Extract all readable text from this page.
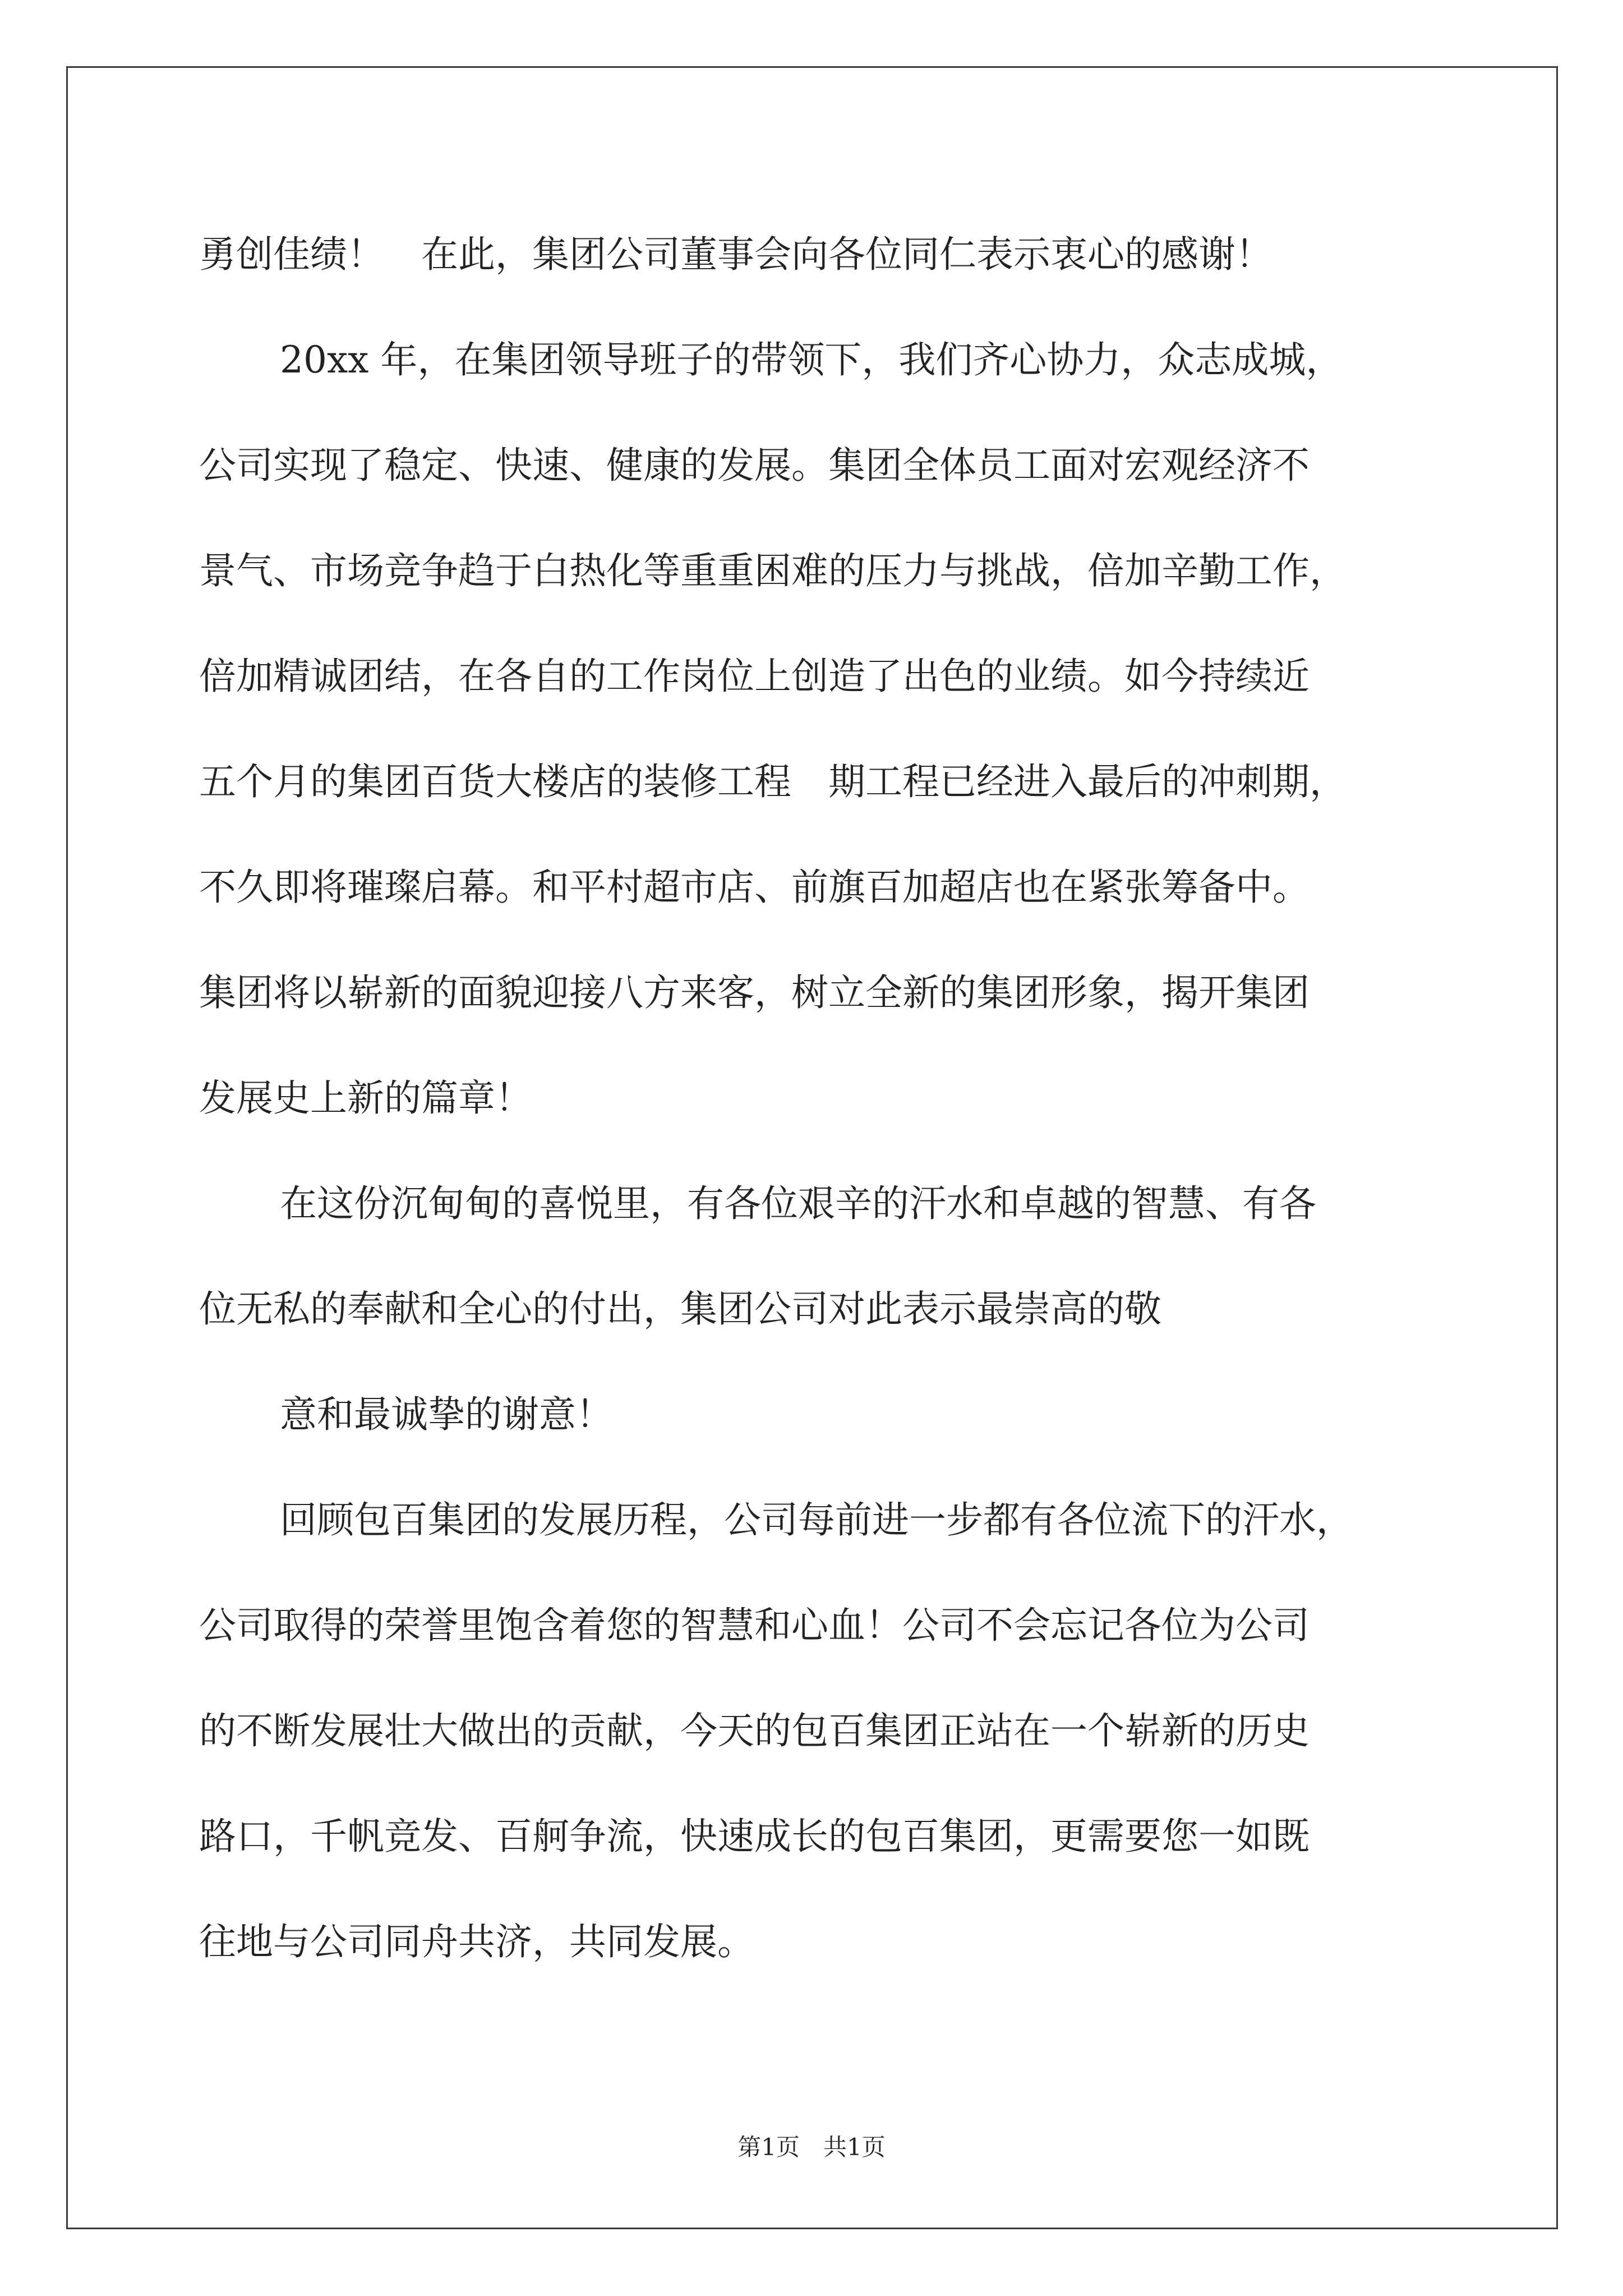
勇创佳绩！　在此，集团公司董事会向各位同仁表示衷心的感谢！
20xx 年，在集团领导班子的带领下，我们齐心协力，众志成城，
公司实现了稳定、快速、健康的发展。集团全体员工面对宏观经济不
景气、市场竞争趋于白热化等重重困难的压力与挑战，倍加辛勤工作，
倍加精诚团结，在各自的工作岗位上创造了出色的业绩。如今持续近
五个月的集团百货大楼店的装修工程　期工程已经进入最后的冲刺期，
不久即将璀璨启幕。和平村超市店、前旗百加超店也在紧张筹备中。
集团将以崭新的面貌迎接八方来客，树立全新的集团形象，揭开集团
发展史上新的篇章！
在这份沉甸甸的喜悦里，有各位艰辛的汗水和卓越的智慧、有各
位无私的奉献和全心的付出，集团公司对此表示最崇高的敬
意和最诚挚的谢意！
回顾包百集团的发展历程，公司每前进一步都有各位流下的汗水，
公司取得的荣誉里饱含着您的智慧和心血！公司不会忘记各位为公司
的不断发展壮大做出的贡献，今天的包百集团正站在一个崭新的历史
路口，千帆竞发、百舸争流，快速成长的包百集团，更需要您一如既
往地与公司同舟共济，共同发展。
第1页　共1页
